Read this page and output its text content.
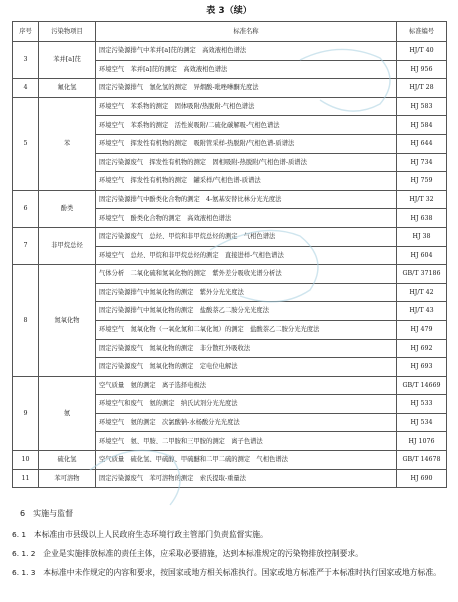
表 3（续）
序号	污染物项目	标准名称	标准编号
3	苯并[a]芘	固定污染源排气中苯并[a]芘的测定　高效液相色谱法	HJ/T 40
		环境空气　苯并[a]芘的测定　高效液相色谱法	HJ 956
4	氟化氢	固定污染源排气　氰化氢的测定　异烟酸-吡唑啉酮光度法	HJ/T 28
5	苯	环境空气　苯系物的测定　固体吸附/热脱附-气相色谱法	HJ 583
		环境空气　苯系物的测定　活性炭吸附/二硫化碳解吸-气相色谱法	HJ 584
		环境空气　挥发性有机物的测定　吸附管采样-热脱附/气相色谱-质谱法	HJ 644
		固定污染源废气　挥发性有机物的测定　固相吸附-热脱附/气相色谱-质谱法	HJ 734
		环境空气　挥发性有机物的测定　罐采样/气相色谱-质谱法	HJ 759
6	酚类	固定污染源排气中酚类化合物的测定　4-氨基安替比林分光光度法	HJ/T 32
		环境空气　酚类化合物的测定　高效液相色谱法	HJ 638
7	非甲烷总烃	固定污染源废气　总烃、甲烷和非甲烷总烃的测定　气相色谱法	HJ 38
		环境空气　总烃、甲烷和非甲烷总烃的测定　直接进样-气相色谱法	HJ 604
8	氮氧化物	气体分析　二氧化硫和氮氧化物的测定　紫外差分吸收光谱分析法	GB/T 37186
		固定污染源排气中氮氧化物的测定　紫外分光光度法	HJ/T 42
		固定污染源排气中氮氧化物的测定　盐酸萘乙二胺分光光度法	HJ/T 43
		环境空气　氮氧化物（一氧化氮和二氧化氮）的测定　盐酸萘乙二胺分光光度法	HJ 479
		固定污染源废气　氮氧化物的测定　非分散红外吸收法	HJ 692
		固定污染源废气　氮氧化物的测定　定电位电解法	HJ 693
9	氨	空气质量　氨的测定　离子选择电极法	GB/T 14669
		环境空气和废气　氨的测定　纳氏试剂分光光度法	HJ 533
		环境空气　氨的测定　次氯酸钠-水杨酸分光光度法	HJ 534
		环境空气　氨、甲胺、二甲胺和三甲胺的测定　离子色谱法	HJ 1076
10	硫化氢	空气质量　硫化氢、甲硫醇、甲硫醚和二甲二硫的测定　气相色谱法	GB/T 14678
11	苯可溶物	固定污染源废气　苯可溶物的测定　索氏提取-重量法	HJ 690
6　实施与监督
6. 1　本标准由市县级以上人民政府生态环境行政主管部门负责监督实施。
6. 1. 2　企业是实施排放标准的责任主体，应采取必要措施，达到本标准规定的污染物排放控制要求。
6. 1. 3　本标准中未作规定的内容和要求，按国家或地方相关标准执行。国家或地方标准严于本标准时执行国家或地方标准。
